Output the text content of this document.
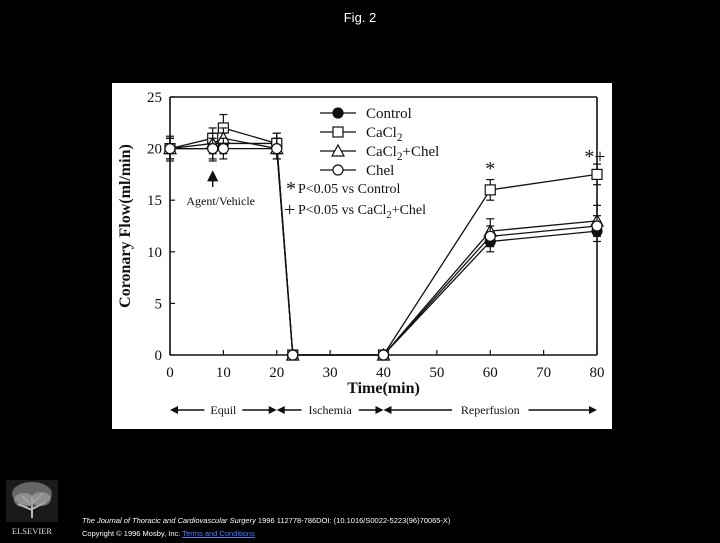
Fig. 2
0	10	20	30	40	50	60	70	80
0
5
10
15
20
25
Time(min)
Coronary Flow(ml/min)
Control
CaCl$_2$
CaCl$_2$+Chel
Chel
* P<0.05 vs Control
+ P<0.05 vs CaCl$_2$+Chel
Agent/Vehicle
*
*+
Equil	Ischemia	Reperfusion
ELSEVIER
The Journal of Thoracic and Cardiovascular Surgery 1996 112778-786DOI: (10.1016/S0022-5223(96)70065-X)
Copyright © 1996 Mosby, Inc. Terms and Conditions
